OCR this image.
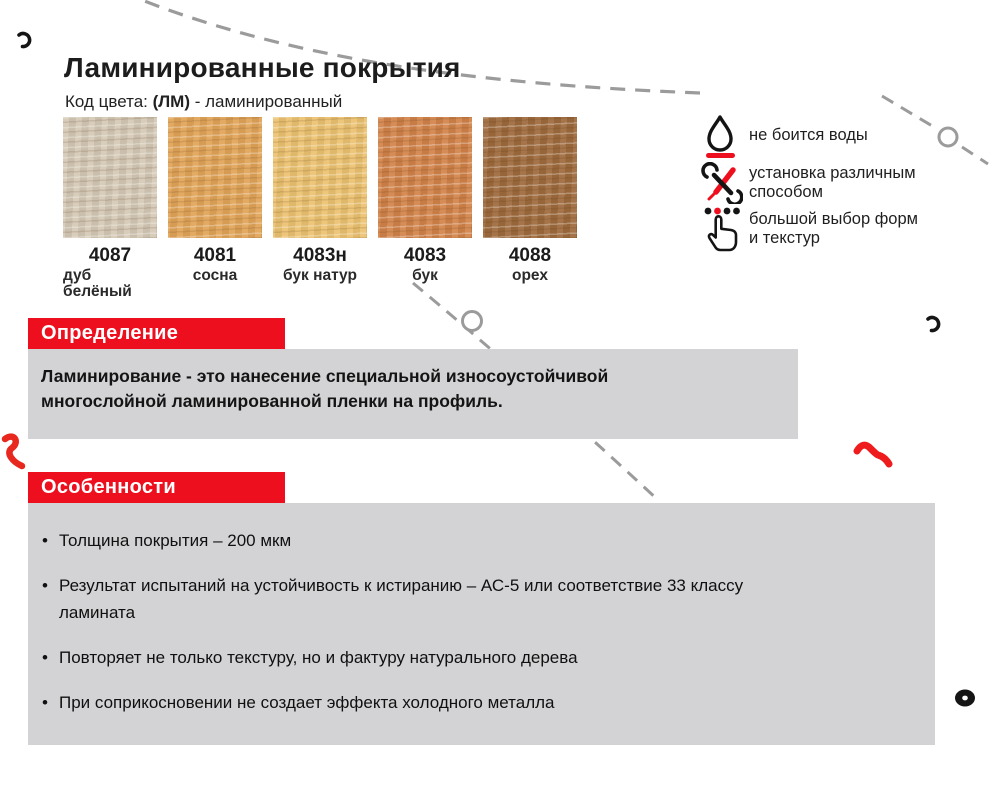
Ламинированные покрытия
Код цвета: (ЛМ) - ламинированный
4087
дуб белёный
4081
сосна
4083н
бук натур
4083
бук
4088
орех
не боится воды
установка различным способом
большой выбор форм и текстур
Определение

Ламинирование - это нанесение специальной износоустойчивой многослойной ламинированной пленки на профиль.

Особенности
• Толщина покрытия – 200 мкм
• Результат испытаний на устойчивость к истиранию – АС-5 или соответствие 33 классу ламината
• Повторяет не только текстуру, но и фактуру натурального дерева
• При соприкосновении не создает эффекта холодного металла
